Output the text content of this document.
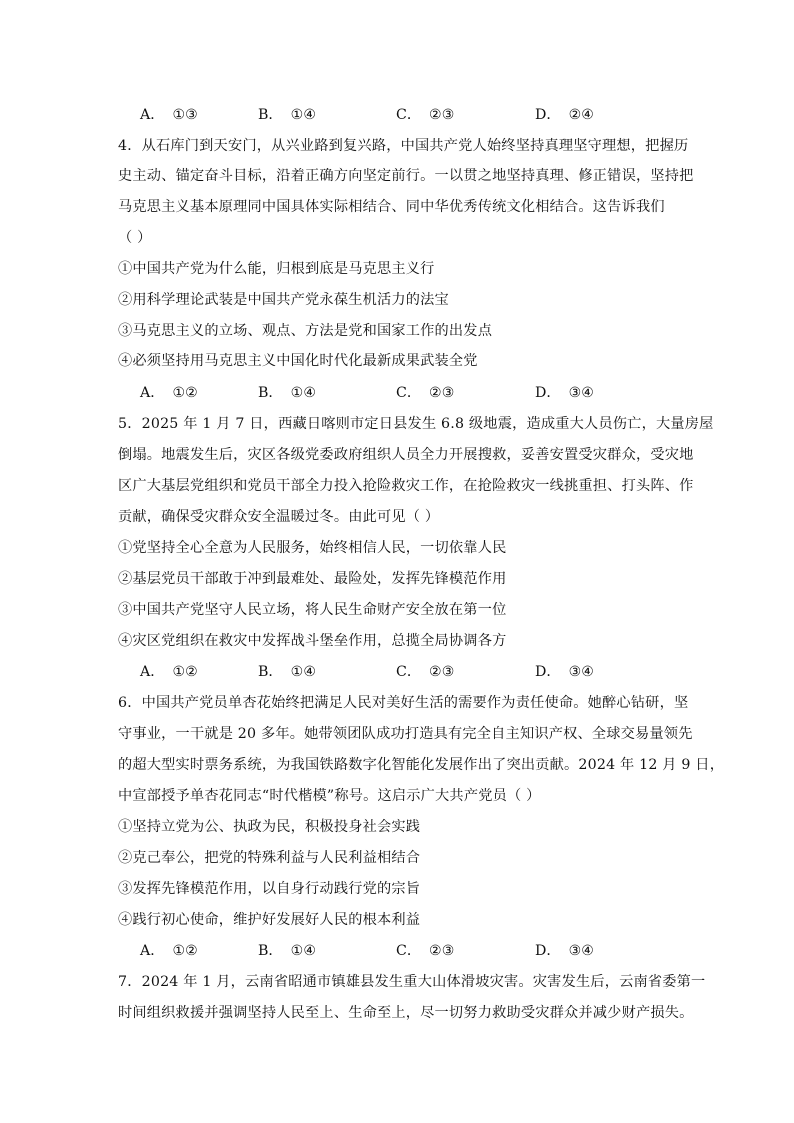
A． ①③	B． ①④	C． ②③	D． ②④
4．从石库门到天安门，从兴业路到复兴路，中国共产党人始终坚持真理坚守理想，把握历
史主动、锚定奋斗目标，沿着正确方向坚定前行。一以贯之地坚持真理、修正错误，坚持把
马克思主义基本原理同中国具体实际相结合、同中华优秀传统文化相结合。这告诉我们
（ ）
①中国共产党为什么能，归根到底是马克思主义行
②用科学理论武装是中国共产党永葆生机活力的法宝
③马克思主义的立场、观点、方法是党和国家工作的出发点
④必须坚持用马克思主义中国化时代化最新成果武装全党
A． ①②	B． ①④	C． ②③	D． ③④
5．2025 年 1 月 7 日，西藏日喀则市定日县发生 6.8 级地震，造成重大人员伤亡，大量房屋
倒塌。地震发生后，灾区各级党委政府组织人员全力开展搜救，妥善安置受灾群众，受灾地
区广大基层党组织和党员干部全力投入抢险救灾工作，在抢险救灾一线挑重担、打头阵、作
贡献，确保受灾群众安全温暖过冬。由此可见（ ）
①党坚持全心全意为人民服务，始终相信人民，一切依靠人民
②基层党员干部敢于冲到最难处、最险处，发挥先锋模范作用
③中国共产党坚守人民立场，将人民生命财产安全放在第一位
④灾区党组织在救灾中发挥战斗堡垒作用，总揽全局协调各方
A． ①②	B． ①④	C． ②③	D． ③④
6．中国共产党员单杏花始终把满足人民对美好生活的需要作为责任使命。她醉心钻研，坚
守事业，一干就是 20 多年。她带领团队成功打造具有完全自主知识产权、全球交易量领先
的超大型实时票务系统，为我国铁路数字化智能化发展作出了突出贡献。2024 年 12 月 9 日，
中宣部授予单杏花同志“时代楷模”称号。这启示广大共产党员（ ）
①坚持立党为公、执政为民，积极投身社会实践
②克己奉公，把党的特殊利益与人民利益相结合
③发挥先锋模范作用，以自身行动践行党的宗旨
④践行初心使命，维护好发展好人民的根本利益
A． ①②	B． ①④	C． ②③	D． ③④
7．2024 年 1 月，云南省昭通市镇雄县发生重大山体滑坡灾害。灾害发生后，云南省委第一
时间组织救援并强调坚持人民至上、生命至上，尽一切努力救助受灾群众并减少财产损失。
